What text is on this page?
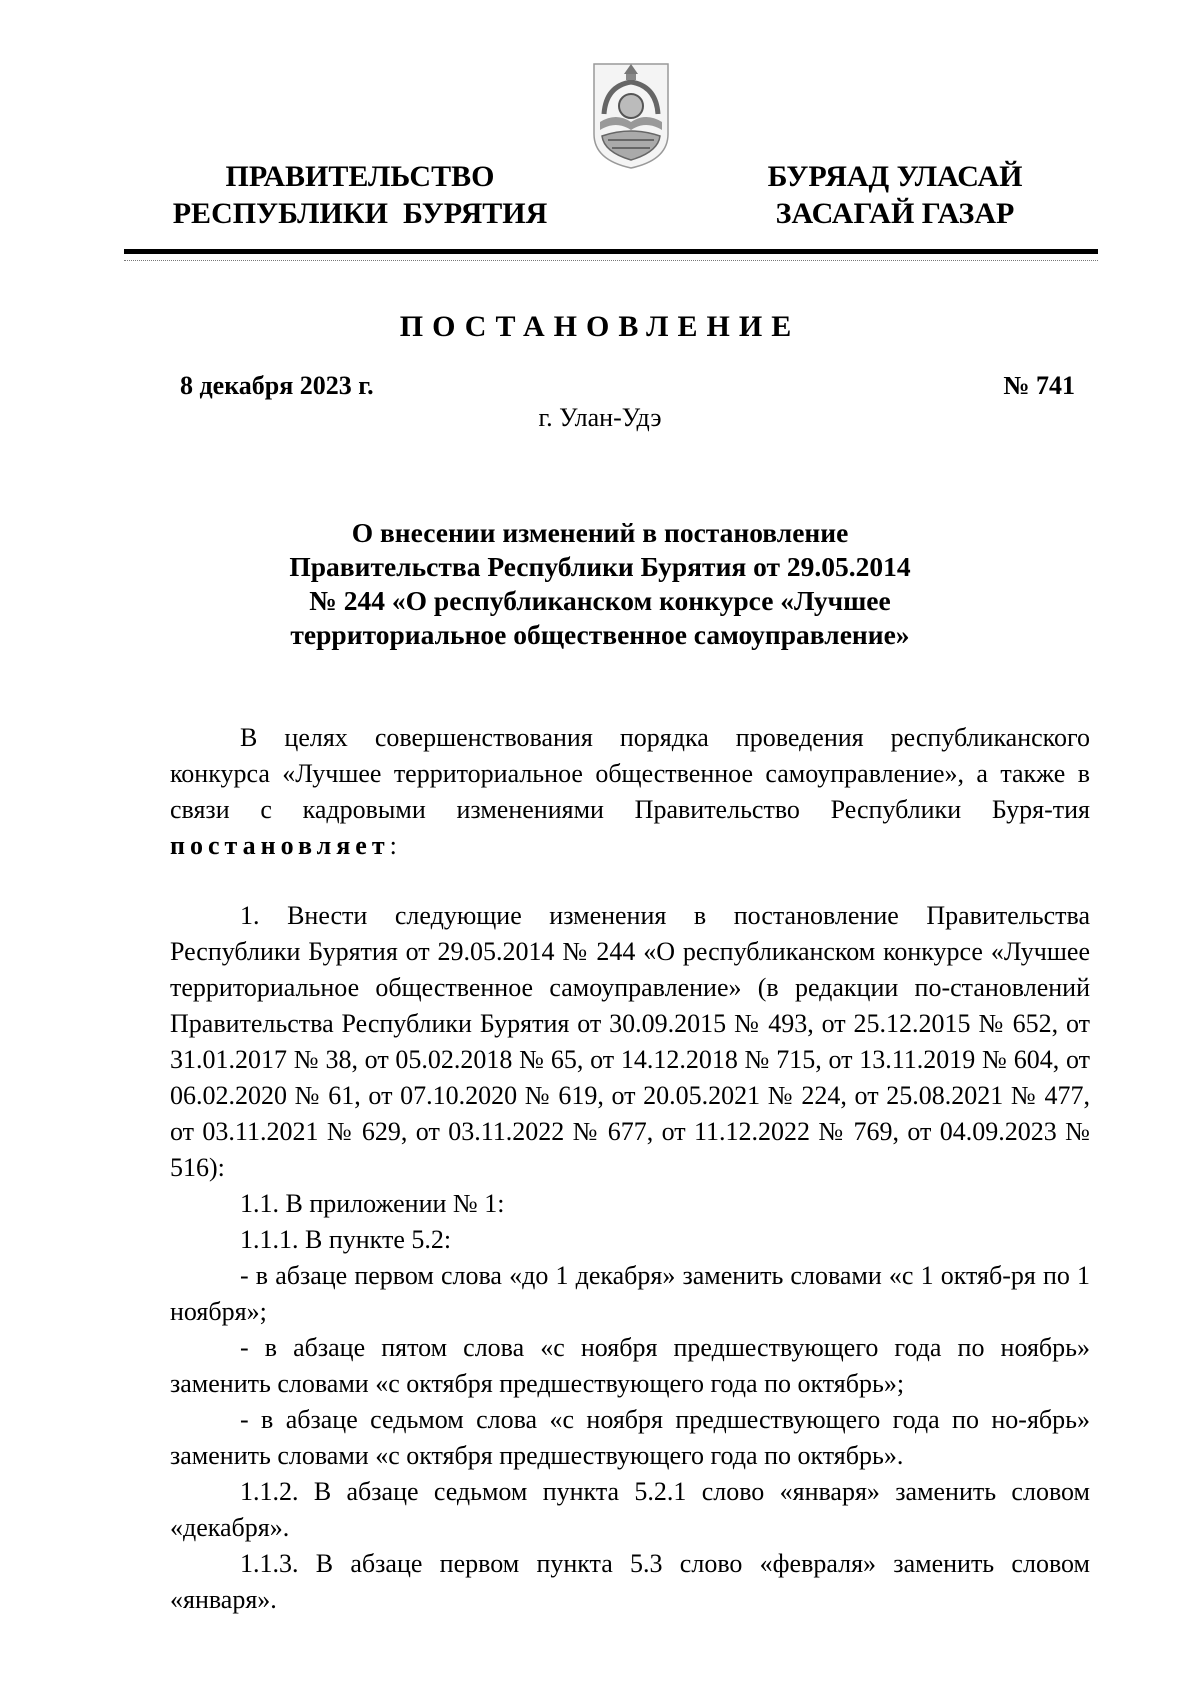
ПРАВИТЕЛЬСТВО
РЕСПУБЛИКИ  БУРЯТИЯ
БУРЯАД УЛАСАЙ
ЗАСАГАЙ ГАЗАР
ПОСТАНОВЛЕНИЕ
8 декабря 2023 г.	№ 741
г. Улан-Удэ
О внесении изменений в постановление
Правительства Республики Бурятия от 29.05.2014
№ 244 «О республиканском конкурсе «Лучшее
территориальное общественное самоуправление»

В целях совершенствования порядка проведения республиканского конкурса «Лучшее территориальное общественное самоуправление», а также в связи с кадровыми изменениями Правительство Республики Буря-тия постановляет:

1. Внести следующие изменения в постановление Правительства Республики Бурятия от 29.05.2014 № 244 «О республиканском конкурсе «Лучшее территориальное общественное самоуправление» (в редакции по-становлений Правительства Республики Бурятия от 30.09.2015 № 493, от 25.12.2015 № 652, от 31.01.2017 № 38, от 05.02.2018 № 65, от 14.12.2018 № 715, от 13.11.2019 № 604, от 06.02.2020 № 61, от 07.10.2020 № 619, от 20.05.2021 № 224, от 25.08.2021 № 477, от 03.11.2021 № 629, от 03.11.2022 № 677, от 11.12.2022 № 769, от 04.09.2023 № 516):

1.1. В приложении № 1:

1.1.1. В пункте 5.2:

- в абзаце первом слова «до 1 декабря» заменить словами «с 1 октяб-ря по 1 ноября»;

- в абзаце пятом слова «с ноября предшествующего года по ноябрь» заменить словами «с октября предшествующего года по октябрь»;

- в абзаце седьмом слова «с ноября предшествующего года по но-ябрь» заменить словами «с октября предшествующего года по октябрь».

1.1.2. В абзаце седьмом пункта 5.2.1 слово «января» заменить словом «декабря».

1.1.3. В абзаце первом пункта 5.3 слово «февраля» заменить словом «января».
